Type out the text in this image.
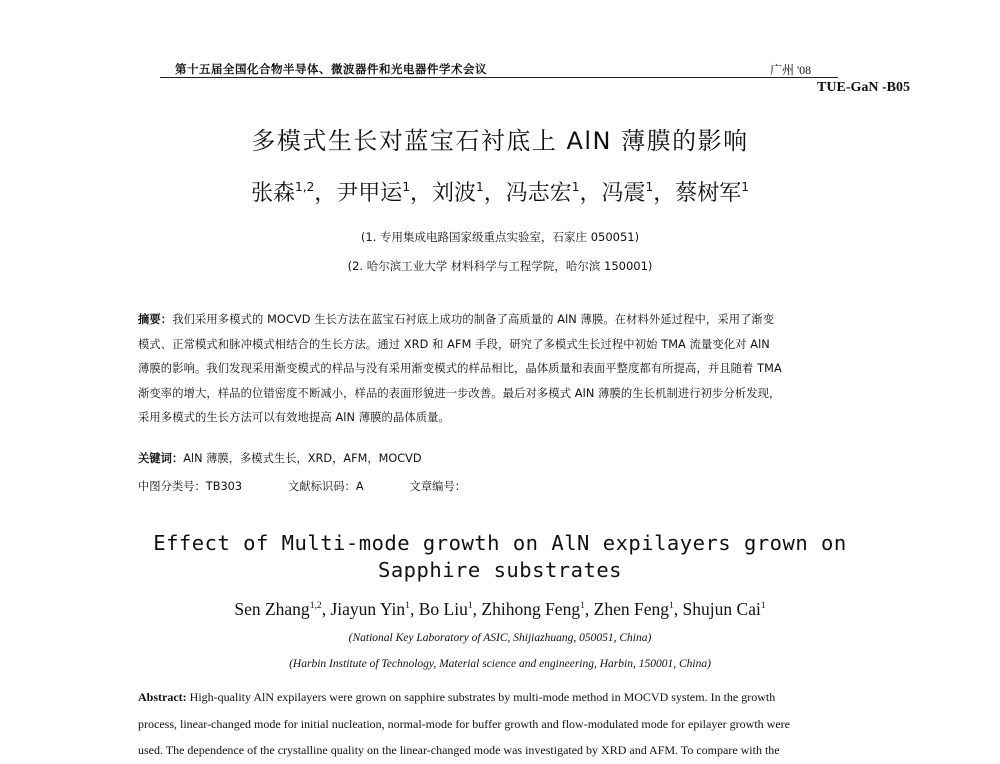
第十五届全国化合物半导体、微波器件和光电器件学术会议	广州 '08
TUE-GaN -B05
多模式生长对蓝宝石衬底上 AlN 薄膜的影响
张森$^{1,2}$，尹甲运$^1$，刘波$^1$，冯志宏$^1$，冯震$^1$，蔡树军$^1$
(1. 专用集成电路国家级重点实验室，石家庄 050051)
(2. 哈尔滨工业大学 材料科学与工程学院，哈尔滨 150001)
摘要：我们采用多模式的 MOCVD 生长方法在蓝宝石衬底上成功的制备了高质量的 AlN 薄膜。在材料外延过程中，采用了渐变
模式、正常模式和脉冲模式相结合的生长方法。通过 XRD 和 AFM 手段，研究了多模式生长过程中初始 TMA 流量变化对 AlN
薄膜的影响。我们发现采用渐变模式的样品与没有采用渐变模式的样品相比，晶体质量和表面平整度都有所提高，并且随着 TMA
渐变率的增大，样品的位错密度不断减小，样品的表面形貌进一步改善。最后对多模式 AlN 薄膜的生长机制进行初步分析发现，
采用多模式的生长方法可以有效地提高 AlN 薄膜的晶体质量。
关键词：AlN 薄膜，多模式生长，XRD，AFM，MOCVD
中图分类号：TB303	文献标识码：A	文章编号：
Effect of Multi-mode growth on AlN expilayers grown on
Sapphire substrates
Sen Zhang$^{1,2}$, Jiayun Yin$^1$, Bo Liu$^1$, Zhihong Feng$^1$, Zhen Feng$^1$, Shujun Cai$^1$
(National Key Laboratory of ASIC, Shijiazhuang, 050051, China)
(Harbin Institute of Technology, Material science and engineering, Harbin, 150001, China)
Abstract: High-quality AlN expilayers were grown on sapphire substrates by multi-mode method in MOCVD system. In the growth
process, linear-changed mode for initial nucleation, normal-mode for buffer growth and flow-modulated mode for epilayer growth were
used. The dependence of the crystalline quality on the linear-changed mode was investigated by XRD and AFM. To compare with the
